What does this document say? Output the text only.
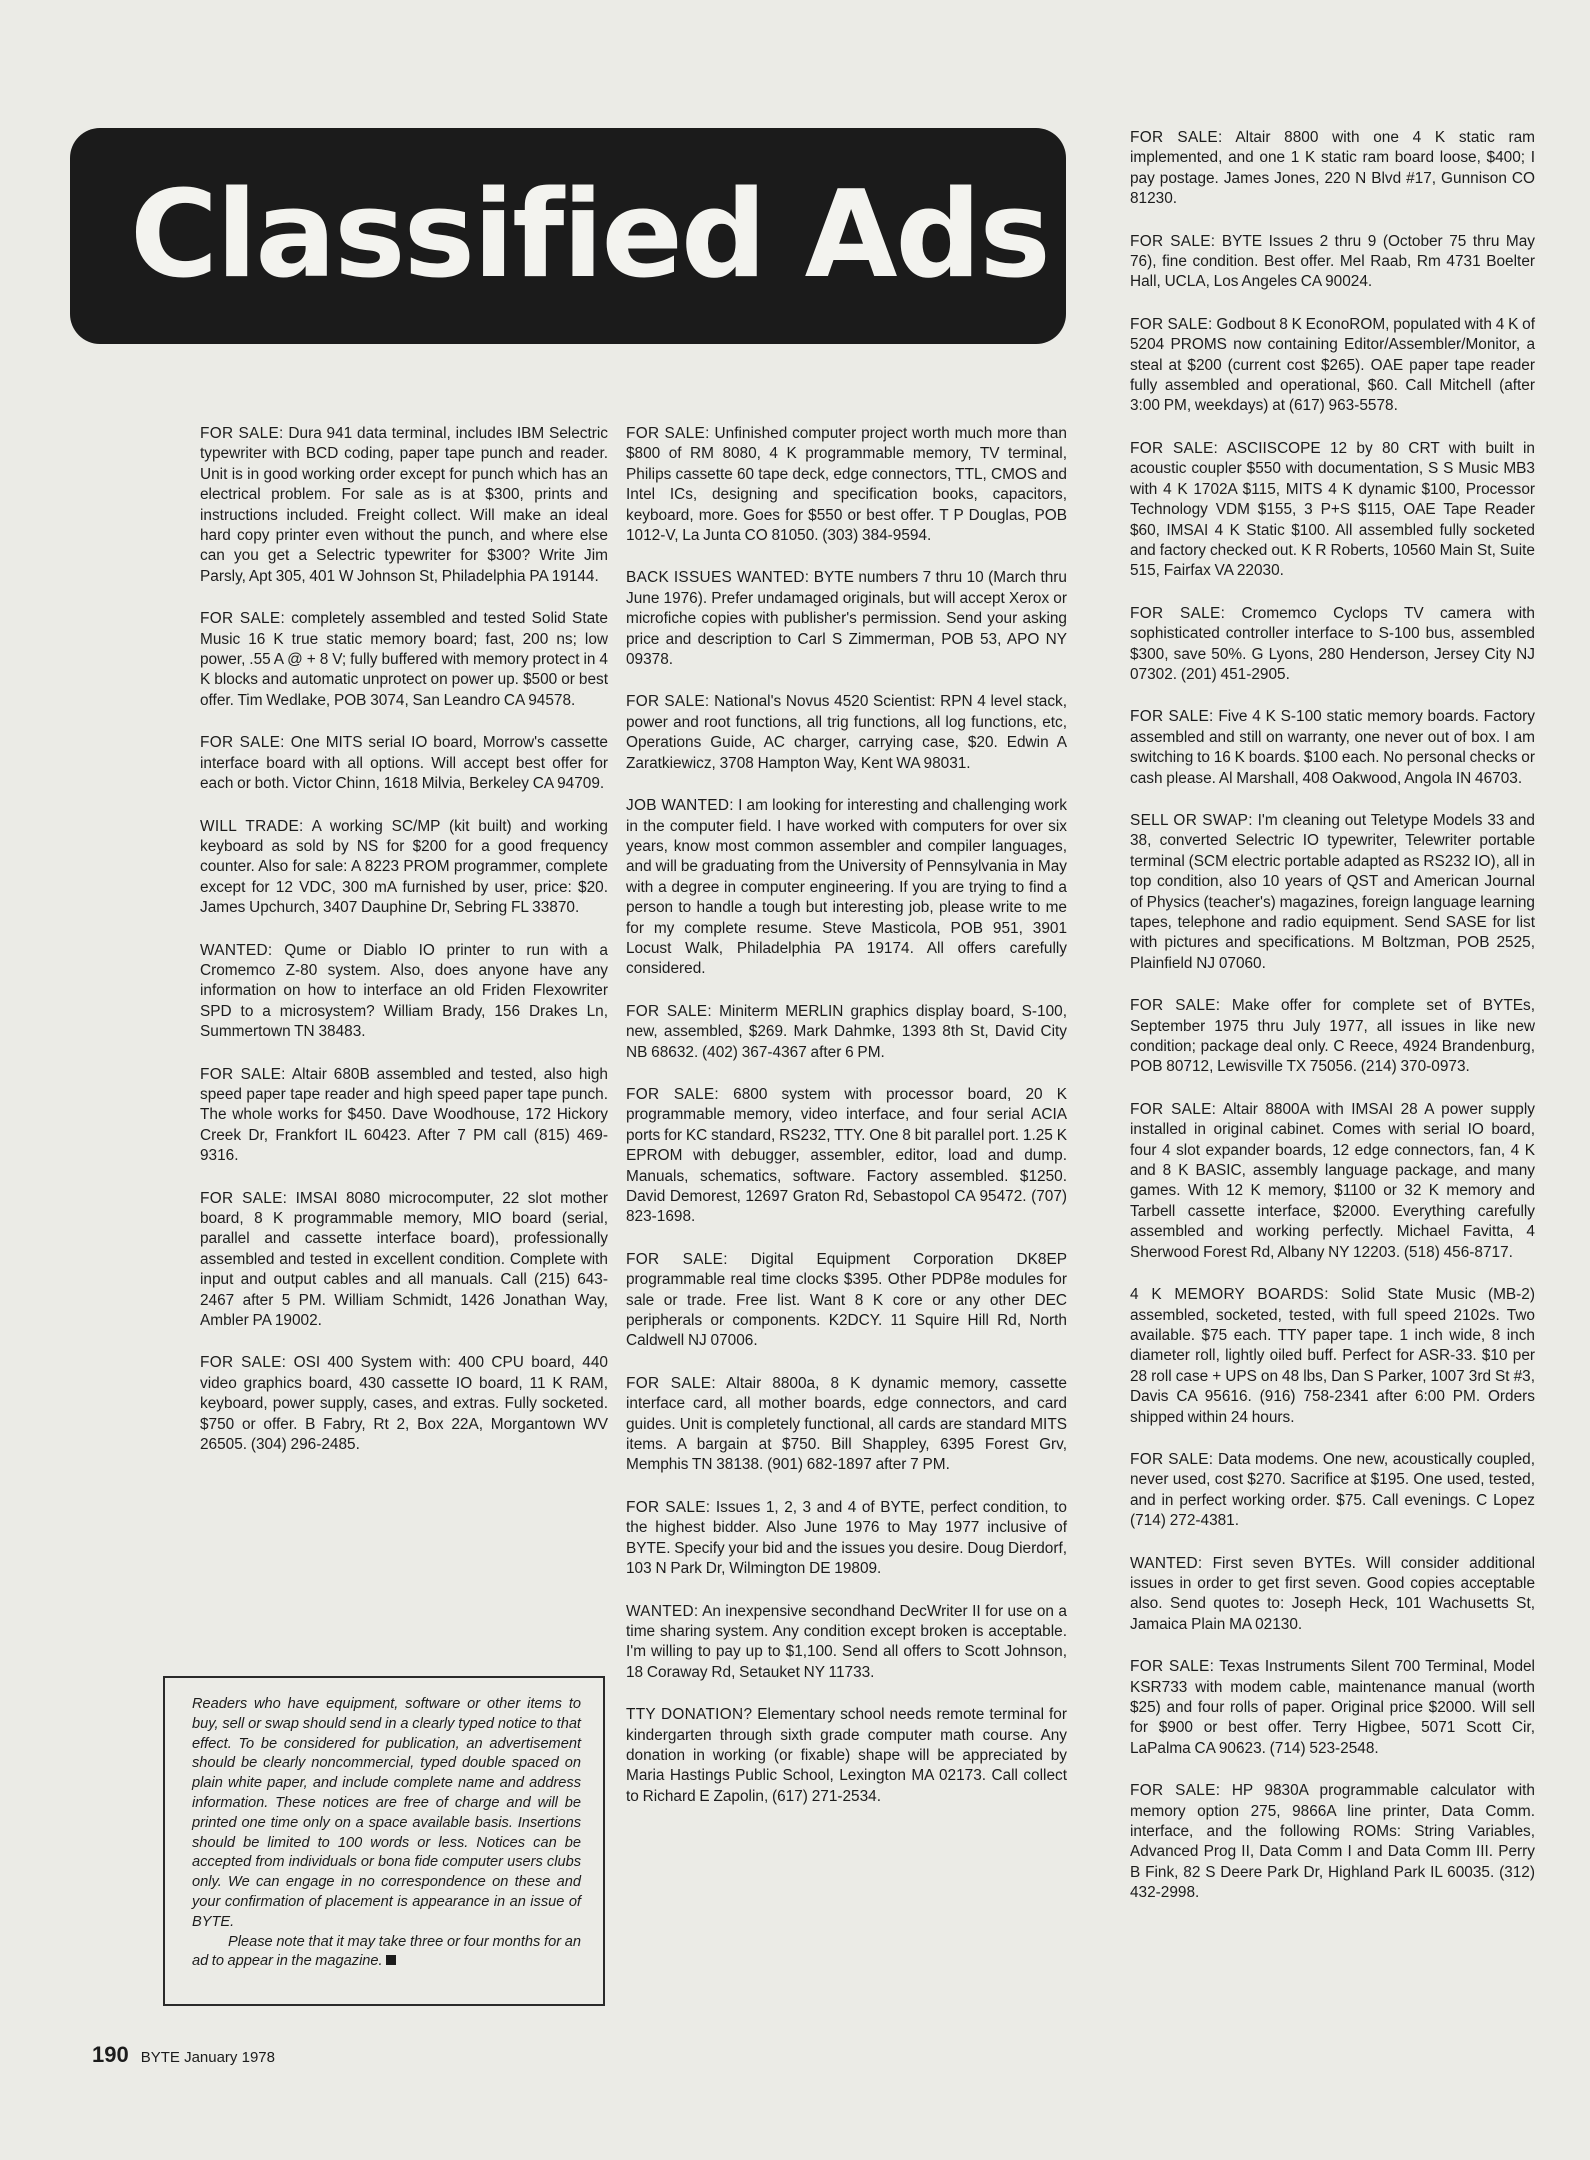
Classified Ads

FOR SALE: Dura 941 data terminal, includes IBM Selectric typewriter with BCD coding, paper tape punch and reader. Unit is in good working order except for punch which has an electrical problem. For sale as is at $300, prints and instructions included. Freight collect. Will make an ideal hard copy printer even without the punch, and where else can you get a Selectric typewriter for $300? Write Jim Parsly, Apt 305, 401 W Johnson St, Philadelphia PA 19144.

FOR SALE: completely assembled and tested Solid State Music 16 K true static memory board; fast, 200 ns; low power, .55 A @ + 8 V; fully buffered with memory protect in 4 K blocks and automatic unprotect on power up. $500 or best offer. Tim Wedlake, POB 3074, San Leandro CA 94578.

FOR SALE: One MITS serial IO board, Morrow's cassette interface board with all options. Will accept best offer for each or both. Victor Chinn, 1618 Milvia, Berkeley CA 94709.

WILL TRADE: A working SC/MP (kit built) and working keyboard as sold by NS for $200 for a good frequency counter. Also for sale: A 8223 PROM programmer, complete except for 12 VDC, 300 mA furnished by user, price: $20. James Upchurch, 3407 Dauphine Dr, Sebring FL 33870.

WANTED: Qume or Diablo IO printer to run with a Cromemco Z-80 system. Also, does anyone have any information on how to interface an old Friden Flexowriter SPD to a microsystem? William Brady, 156 Drakes Ln, Summertown TN 38483.

FOR SALE: Altair 680B assembled and tested, also high speed paper tape reader and high speed paper tape punch. The whole works for $450. Dave Woodhouse, 172 Hickory Creek Dr, Frankfort IL 60423. After 7 PM call (815) 469-9316.

FOR SALE: IMSAI 8080 microcomputer, 22 slot mother board, 8 K programmable memory, MIO board (serial, parallel and cassette interface board), professionally assembled and tested in excellent condition. Complete with input and output cables and all manuals. Call (215) 643-2467 after 5 PM. William Schmidt, 1426 Jonathan Way, Ambler PA 19002.

FOR SALE: OSI 400 System with: 400 CPU board, 440 video graphics board, 430 cassette IO board, 11 K RAM, keyboard, power supply, cases, and extras. Fully socketed. $750 or offer. B Fabry, Rt 2, Box 22A, Morgantown WV 26505. (304) 296-2485.

FOR SALE: Unfinished computer project worth much more than $800 of RM 8080, 4 K programmable memory, TV terminal, Philips cassette 60 tape deck, edge connectors, TTL, CMOS and Intel ICs, designing and specification books, capacitors, keyboard, more. Goes for $550 or best offer. T P Douglas, POB 1012-V, La Junta CO 81050. (303) 384-9594.

BACK ISSUES WANTED: BYTE numbers 7 thru 10 (March thru June 1976). Prefer undamaged originals, but will accept Xerox or microfiche copies with publisher's permission. Send your asking price and description to Carl S Zimmerman, POB 53, APO NY 09378.

FOR SALE: National's Novus 4520 Scientist: RPN 4 level stack, power and root functions, all trig functions, all log functions, etc, Operations Guide, AC charger, carrying case, $20. Edwin A Zaratkiewicz, 3708 Hampton Way, Kent WA 98031.

JOB WANTED: I am looking for interesting and challenging work in the computer field. I have worked with computers for over six years, know most common assembler and compiler languages, and will be graduating from the University of Pennsylvania in May with a degree in computer engineering. If you are trying to find a person to handle a tough but interesting job, please write to me for my complete resume. Steve Masticola, POB 951, 3901 Locust Walk, Philadelphia PA 19174. All offers carefully considered.

FOR SALE: Miniterm MERLIN graphics display board, S-100, new, assembled, $269. Mark Dahmke, 1393 8th St, David City NB 68632. (402) 367-4367 after 6 PM.

FOR SALE: 6800 system with processor board, 20 K programmable memory, video interface, and four serial ACIA ports for KC standard, RS232, TTY. One 8 bit parallel port. 1.25 K EPROM with debugger, assembler, editor, load and dump. Manuals, schematics, software. Factory assembled. $1250. David Demorest, 12697 Graton Rd, Sebastopol CA 95472. (707) 823-1698.

FOR SALE: Digital Equipment Corporation DK8EP programmable real time clocks $395. Other PDP8e modules for sale or trade. Free list. Want 8 K core or any other DEC peripherals or components. K2DCY. 11 Squire Hill Rd, North Caldwell NJ 07006.

FOR SALE: Altair 8800a, 8 K dynamic memory, cassette interface card, all mother boards, edge connectors, and card guides. Unit is completely functional, all cards are standard MITS items. A bargain at $750. Bill Shappley, 6395 Forest Grv, Memphis TN 38138. (901) 682-1897 after 7 PM.

FOR SALE: Issues 1, 2, 3 and 4 of BYTE, perfect condition, to the highest bidder. Also June 1976 to May 1977 inclusive of BYTE. Specify your bid and the issues you desire. Doug Dierdorf, 103 N Park Dr, Wilmington DE 19809.

WANTED: An inexpensive secondhand DecWriter II for use on a time sharing system. Any condition except broken is acceptable. I'm willing to pay up to $1,100. Send all offers to Scott Johnson, 18 Coraway Rd, Setauket NY 11733.

TTY DONATION? Elementary school needs remote terminal for kindergarten through sixth grade computer math course. Any donation in working (or fixable) shape will be appreciated by Maria Hastings Public School, Lexington MA 02173. Call collect to Richard E Zapolin, (617) 271-2534.

FOR SALE: Altair 8800 with one 4 K static ram implemented, and one 1 K static ram board loose, $400; I pay postage. James Jones, 220 N Blvd #17, Gunnison CO 81230.

FOR SALE: BYTE Issues 2 thru 9 (October 75 thru May 76), fine condition. Best offer. Mel Raab, Rm 4731 Boelter Hall, UCLA, Los Angeles CA 90024.

FOR SALE: Godbout 8 K EconoROM, populated with 4 K of 5204 PROMS now containing Editor/Assembler/Monitor, a steal at $200 (current cost $265). OAE paper tape reader fully assembled and operational, $60. Call Mitchell (after 3:00 PM, weekdays) at (617) 963-5578.

FOR SALE: ASCIISCOPE 12 by 80 CRT with built in acoustic coupler $550 with documentation, S S Music MB3 with 4 K 1702A $115, MITS 4 K dynamic $100, Processor Technology VDM $155, 3 P+S $115, OAE Tape Reader $60, IMSAI 4 K Static $100. All assembled fully socketed and factory checked out. K R Roberts, 10560 Main St, Suite 515, Fairfax VA 22030.

FOR SALE: Cromemco Cyclops TV camera with sophisticated controller interface to S-100 bus, assembled $300, save 50%. G Lyons, 280 Henderson, Jersey City NJ 07302. (201) 451-2905.

FOR SALE: Five 4 K S-100 static memory boards. Factory assembled and still on warranty, one never out of box. I am switching to 16 K boards. $100 each. No personal checks or cash please. Al Marshall, 408 Oakwood, Angola IN 46703.

SELL OR SWAP: I'm cleaning out Teletype Models 33 and 38, converted Selectric IO typewriter, Telewriter portable terminal (SCM electric portable adapted as RS232 IO), all in top condition, also 10 years of QST and American Journal of Physics (teacher's) magazines, foreign language learning tapes, telephone and radio equipment. Send SASE for list with pictures and specifications. M Boltzman, POB 2525, Plainfield NJ 07060.

FOR SALE: Make offer for complete set of BYTEs, September 1975 thru July 1977, all issues in like new condition; package deal only. C Reece, 4924 Brandenburg, POB 80712, Lewisville TX 75056. (214) 370-0973.

FOR SALE: Altair 8800A with IMSAI 28 A power supply installed in original cabinet. Comes with serial IO board, four 4 slot expander boards, 12 edge connectors, fan, 4 K and 8 K BASIC, assembly language package, and many games. With 12 K memory, $1100 or 32 K memory and Tarbell cassette interface, $2000. Everything carefully assembled and working perfectly. Michael Favitta, 4 Sherwood Forest Rd, Albany NY 12203. (518) 456-8717.

4 K MEMORY BOARDS: Solid State Music (MB-2) assembled, socketed, tested, with full speed 2102s. Two available. $75 each. TTY paper tape. 1 inch wide, 8 inch diameter roll, lightly oiled buff. Perfect for ASR-33. $10 per 28 roll case + UPS on 48 lbs, Dan S Parker, 1007 3rd St #3, Davis CA 95616. (916) 758-2341 after 6:00 PM. Orders shipped within 24 hours.

FOR SALE: Data modems. One new, acoustically coupled, never used, cost $270. Sacrifice at $195. One used, tested, and in perfect working order. $75. Call evenings. C Lopez (714) 272-4381.

WANTED: First seven BYTEs. Will consider additional issues in order to get first seven. Good copies acceptable also. Send quotes to: Joseph Heck, 101 Wachusetts St, Jamaica Plain MA 02130.

FOR SALE: Texas Instruments Silent 700 Terminal, Model KSR733 with modem cable, maintenance manual (worth $25) and four rolls of paper. Original price $2000. Will sell for $900 or best offer. Terry Higbee, 5071 Scott Cir, LaPalma CA 90623. (714) 523-2548.

FOR SALE: HP 9830A programmable calculator with memory option 275, 9866A line printer, Data Comm. interface, and the following ROMs: String Variables, Advanced Prog II, Data Comm I and Data Comm III. Perry B Fink, 82 S Deere Park Dr, Highland Park IL 60035. (312) 432-2998.

Readers who have equipment, software or other items to buy, sell or swap should send in a clearly typed notice to that effect. To be considered for publication, an advertisement should be clearly noncommercial, typed double spaced on plain white paper, and include complete name and address information. These notices are free of charge and will be printed one time only on a space available basis. Insertions should be limited to 100 words or less. Notices can be accepted from individuals or bona fide computer users clubs only. We can engage in no correspondence on these and your confirmation of placement is appearance in an issue of BYTE.

Please note that it may take three or four months for an ad to appear in the magazine.

190 BYTE January 1978
